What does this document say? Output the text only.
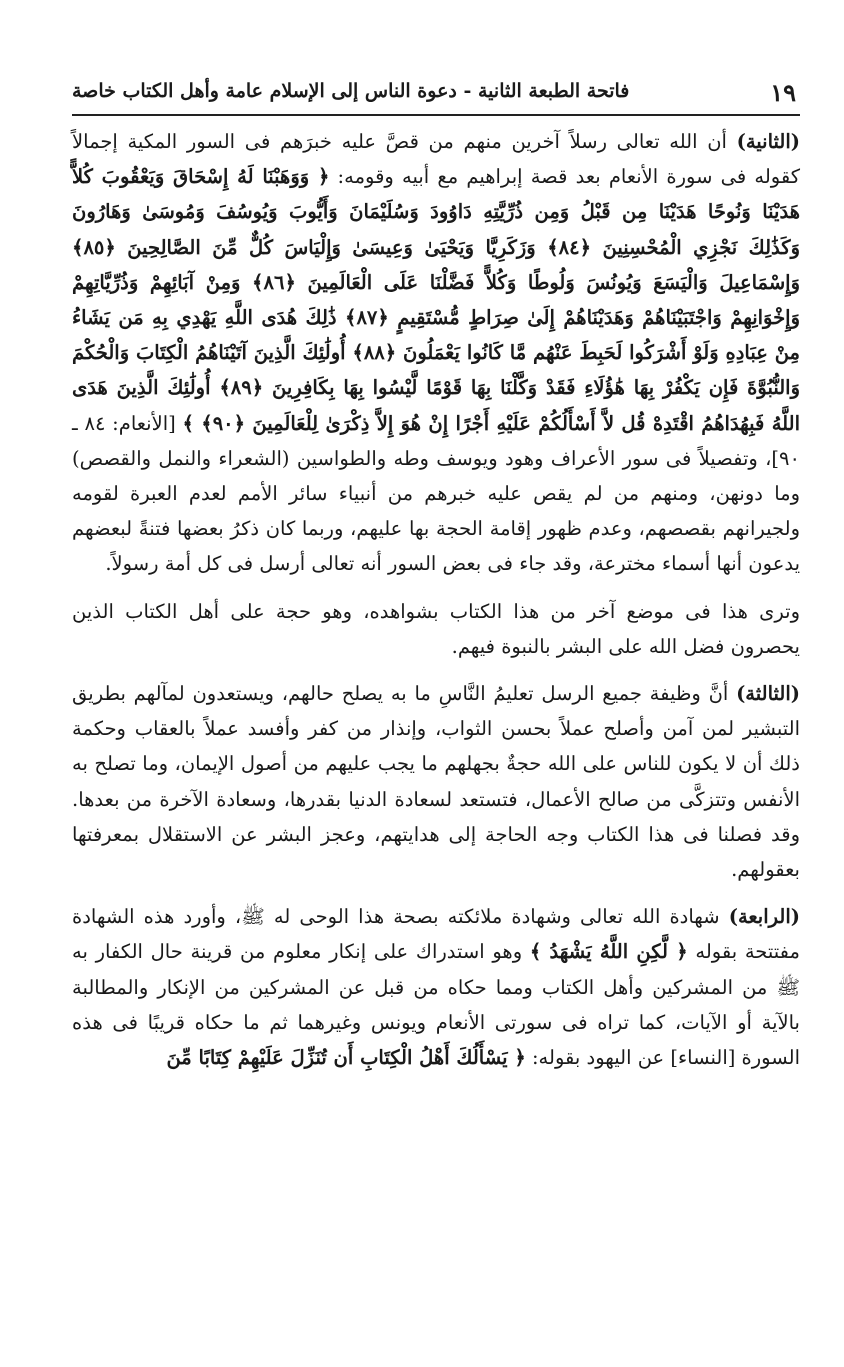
١٩
فاتحة الطبعة الثانية - دعوة الناس إلى الإسلام عامة وأهل الكتاب خاصة

(الثانية) أن الله تعالى رسلاً آخرين منهم من قصَّ عليه خبرَهم فى السور المكية إجمالاً كقوله فى سورة الأنعام بعد قصة إبراهيم مع أبيه وقومه: ﴿ وَوَهَبْنَا لَهُ إِسْحَاقَ وَيَعْقُوبَ كُلاًّ هَدَيْنَا وَنُوحًا هَدَيْنَا مِن قَبْلُ وَمِن ذُرِّيَّتِهِ دَاوُودَ وَسُلَيْمَانَ وَأَيُّوبَ وَيُوسُفَ وَمُوسَىٰ وَهَارُونَ وَكَذَٰلِكَ نَجْزِي الْمُحْسِنِينَ ﴿٨٤﴾ وَزَكَرِيَّا وَيَحْيَىٰ وَعِيسَىٰ وَإِلْيَاسَ كُلٌّ مِّنَ الصَّالِحِينَ ﴿٨٥﴾ وَإِسْمَاعِيلَ وَالْيَسَعَ وَيُونُسَ وَلُوطًا وَكُلاًّ فَضَّلْنَا عَلَى الْعَالَمِينَ ﴿٨٦﴾ وَمِنْ آبَائِهِمْ وَذُرِّيَّاتِهِمْ وَإِخْوَانِهِمْ وَاجْتَبَيْنَاهُمْ وَهَدَيْنَاهُمْ إِلَىٰ صِرَاطٍ مُّسْتَقِيمٍ ﴿٨٧﴾ ذَٰلِكَ هُدَى اللَّهِ يَهْدِي بِهِ مَن يَشَاءُ مِنْ عِبَادِهِ وَلَوْ أَشْرَكُوا لَحَبِطَ عَنْهُم مَّا كَانُوا يَعْمَلُونَ ﴿٨٨﴾ أُولَٰئِكَ الَّذِينَ آتَيْنَاهُمُ الْكِتَابَ وَالْحُكْمَ وَالنُّبُوَّةَ فَإِن يَكْفُرْ بِهَا هَٰؤُلَاءِ فَقَدْ وَكَّلْنَا بِهَا قَوْمًا لَّيْسُوا بِهَا بِكَافِرِينَ ﴿٨٩﴾ أُولَٰئِكَ الَّذِينَ هَدَى اللَّهُ فَبِهُدَاهُمُ اقْتَدِهْ قُل لاَّ أَسْأَلُكُمْ عَلَيْهِ أَجْرًا إِنْ هُوَ إِلاَّ ذِكْرَىٰ لِلْعَالَمِينَ ﴿٩٠﴾ ﴾ [الأنعام: ٨٤ ـ ٩٠]، وتفصيلاً فى سور الأعراف وهود ويوسف وطه والطواسين (الشعراء والنمل والقصص) وما دونهن، ومنهم من لم يقص عليه خبرهم من أنبياء سائر الأمم لعدم العبرة لقومه ولجيرانهم بقصصهم، وعدم ظهور إقامة الحجة بها عليهم، وربما كان ذكرُ بعضها فتنةً لبعضهم يدعون أنها أسماء مخترعة، وقد جاء فى بعض السور أنه تعالى أرسل فى كل أمة رسولاً.

وترى هذا فى موضع آخر من هذا الكتاب بشواهده، وهو حجة على أهل الكتاب الذين يحصرون فضل الله على البشر بالنبوة فيهم.

(الثالثة) أنَّ وظيفة جميع الرسل تعليمُ النَّاسِ ما به يصلح حالهم، ويستعدون لمآلهم بطريق التبشير لمن آمن وأصلح عملاً بحسن الثواب، وإنذار من كفر وأفسد عملاً بالعقاب وحكمة ذلك أن لا يكون للناس على الله حجةٌ بجهلهم ما يجب عليهم من أصول الإيمان، وما تصلح به الأنفس وتتزكَّى من صالح الأعمال، فتستعد لسعادة الدنيا بقدرها، وسعادة الآخرة من بعدها. وقد فصلنا فى هذا الكتاب وجه الحاجة إلى هدايتهم، وعجز البشر عن الاستقلال بمعرفتها بعقولهم.

(الرابعة) شهادة الله تعالى وشهادة ملائكته بصحة هذا الوحى له ﷺ، وأورد هذه الشهادة مفتتحة بقوله ﴿ لَّكِنِ اللَّهُ يَشْهَدُ ﴾ وهو استدراك على إنكار معلوم من قرينة حال الكفار به ﷺ من المشركين وأهل الكتاب ومما حكاه من قبل عن المشركين من الإنكار والمطالبة بالآية أو الآيات، كما تراه فى سورتى الأنعام ويونس وغيرهما ثم ما حكاه قريبًا فى هذه السورة [النساء] عن اليهود بقوله: ﴿ يَسْأَلُكَ أَهْلُ الْكِتَابِ أَن تُنَزِّلَ عَلَيْهِمْ كِتَابًا مِّنَ
